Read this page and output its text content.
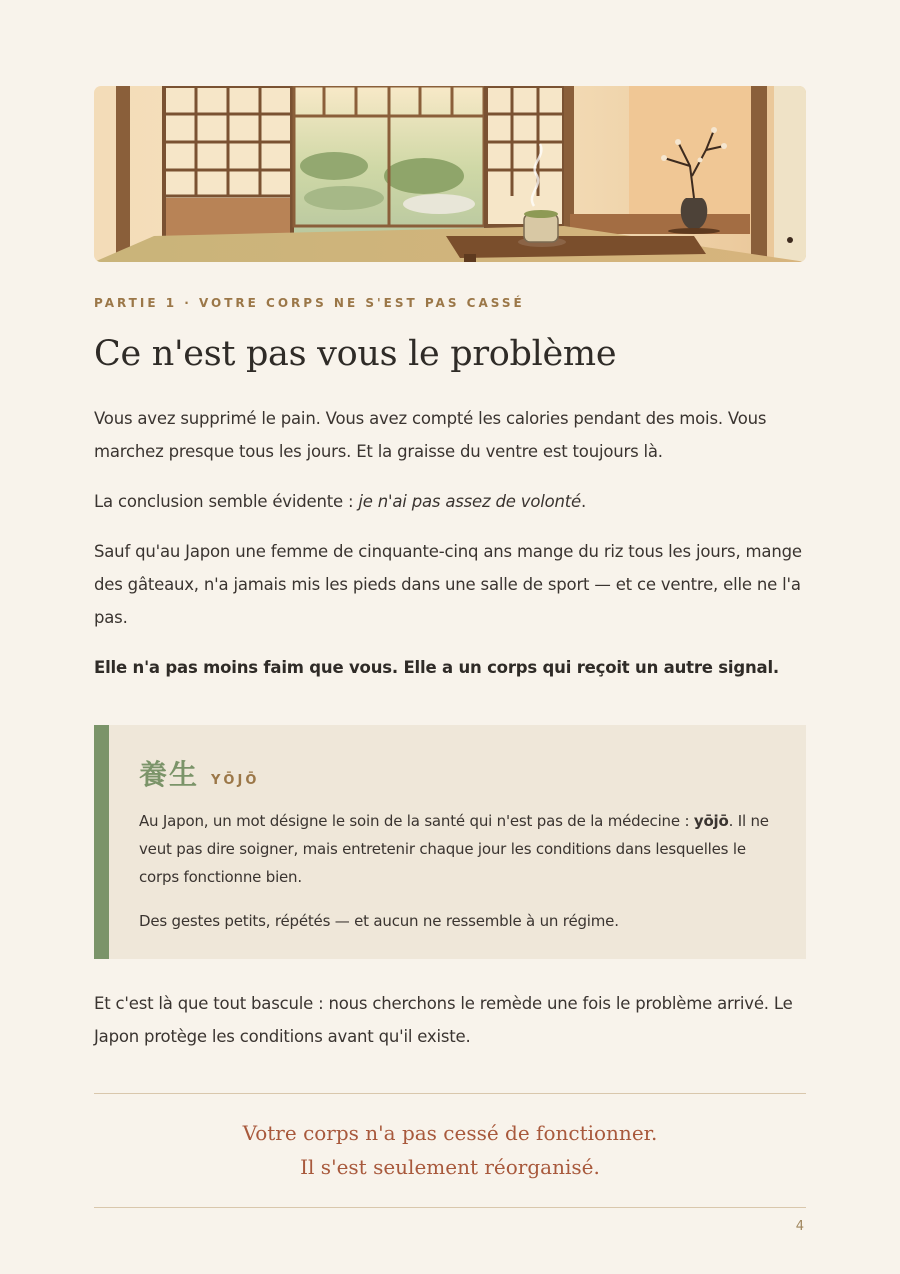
PARTIE 1 · VOTRE CORPS NE S'EST PAS CASSÉ
Ce n'est pas vous le problème

Vous avez supprimé le pain. Vous avez compté les calories pendant des mois. Vous marchez presque tous les jours. Et la graisse du ventre est toujours là.

La conclusion semble évidente : je n'ai pas assez de volonté.

Sauf qu'au Japon une femme de cinquante-cinq ans mange du riz tous les jours, mange des gâteaux, n'a jamais mis les pieds dans une salle de sport — et ce ventre, elle ne l'a pas.

Elle n'a pas moins faim que vous. Elle a un corps qui reçoit un autre signal.

養生 YŌJŌ

Au Japon, un mot désigne le soin de la santé qui n'est pas de la médecine : yōjō. Il ne veut pas dire soigner, mais entretenir chaque jour les conditions dans lesquelles le corps fonctionne bien.

Des gestes petits, répétés — et aucun ne ressemble à un régime.

Et c'est là que tout bascule : nous cherchons le remède une fois le problème arrivé. Le Japon protège les conditions avant qu'il existe.

Votre corps n'a pas cessé de fonctionner.
Il s'est seulement réorganisé.
4
